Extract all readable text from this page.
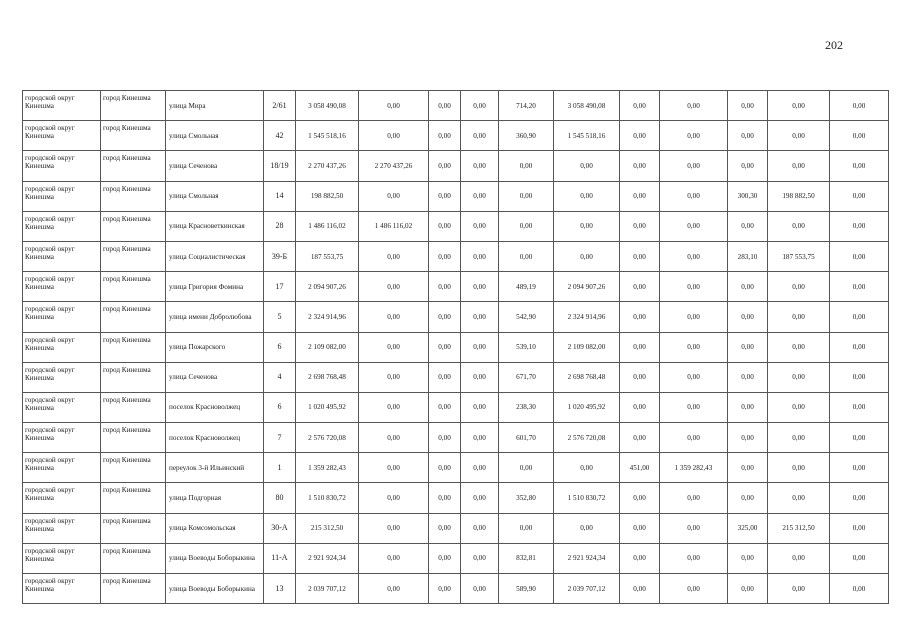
202
городской округ Кинешма	город Кинешма	улица Мира	2/61	3 058 490,08	0,00	0,00	0,00	714,20	3 058 490,08	0,00	0,00	0,00	0,00	0,00
городской округ Кинешма	город Кинешма	улица Смольная	42	1 545 518,16	0,00	0,00	0,00	360,90	1 545 518,16	0,00	0,00	0,00	0,00	0,00
городской округ Кинешма	город Кинешма	улица Сеченова	18/19	2 270 437,26	2 270 437,26	0,00	0,00	0,00	0,00	0,00	0,00	0,00	0,00	0,00
городской округ Кинешма	город Кинешма	улица Смольная	14	198 882,50	0,00	0,00	0,00	0,00	0,00	0,00	0,00	300,30	198 882,50	0,00
городской округ Кинешма	город Кинешма	улица Красноветкинская	28	1 486 116,02	1 486 116,02	0,00	0,00	0,00	0,00	0,00	0,00	0,00	0,00	0,00
городской округ Кинешма	город Кинешма	улица Социалистическая	39-Б	187 553,75	0,00	0,00	0,00	0,00	0,00	0,00	0,00	283,10	187 553,75	0,00
городской округ Кинешма	город Кинешма	улица Григория Фомина	17	2 094 907,26	0,00	0,00	0,00	489,19	2 094 907,26	0,00	0,00	0,00	0,00	0,00
городской округ Кинешма	город Кинешма	улица имени Добролюбова	5	2 324 914,96	0,00	0,00	0,00	542,90	2 324 914,96	0,00	0,00	0,00	0,00	0,00
городской округ Кинешма	город Кинешма	улица Пожарского	6	2 109 082,00	0,00	0,00	0,00	539,10	2 109 082,00	0,00	0,00	0,00	0,00	0,00
городской округ Кинешма	город Кинешма	улица Сеченова	4	2 698 768,48	0,00	0,00	0,00	671,70	2 698 768,48	0,00	0,00	0,00	0,00	0,00
городской округ Кинешма	город Кинешма	поселок Красноволжец	6	1 020 495,92	0,00	0,00	0,00	238,30	1 020 495,92	0,00	0,00	0,00	0,00	0,00
городской округ Кинешма	город Кинешма	поселок Красноволжец	7	2 576 720,08	0,00	0,00	0,00	601,70	2 576 720,08	0,00	0,00	0,00	0,00	0,00
городской округ Кинешма	город Кинешма	переулок 3-й Ильинский	1	1 359 282,43	0,00	0,00	0,00	0,00	0,00	451,00	1 359 282,43	0,00	0,00	0,00
городской округ Кинешма	город Кинешма	улица Подгорная	80	1 510 830,72	0,00	0,00	0,00	352,80	1 510 830,72	0,00	0,00	0,00	0,00	0,00
городской округ Кинешма	город Кинешма	улица Комсомольская	30-А	215 312,50	0,00	0,00	0,00	0,00	0,00	0,00	0,00	325,00	215 312,50	0,00
городской округ Кинешма	город Кинешма	улица Воеводы Боборыкина	11-А	2 921 924,34	0,00	0,00	0,00	832,81	2 921 924,34	0,00	0,00	0,00	0,00	0,00
городской округ Кинешма	город Кинешма	улица Воеводы Боборыкина	13	2 039 707,12	0,00	0,00	0,00	589,90	2 039 707,12	0,00	0,00	0,00	0,00	0,00
